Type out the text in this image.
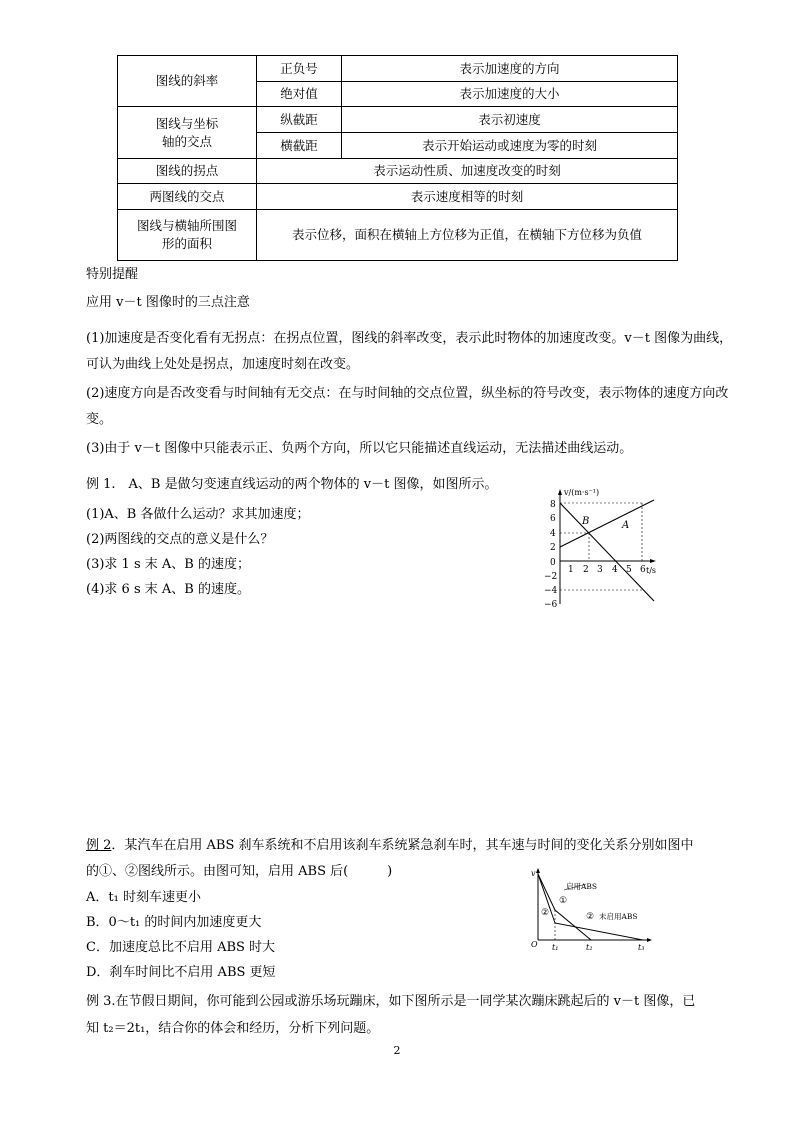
图线的斜率	正负号	表示加速度的方向
	绝对值	表示加速度的大小
图线与坐标
轴的交点	纵截距	表示初速度
	横截距	表示开始运动或速度为零的时刻
图线的拐点	表示运动性质、加速度改变的时刻	
两图线的交点	表示速度相等的时刻	
图线与横轴所围图
形的面积	表示位移，面积在横轴上方位移为正值，在横轴下方位移为负值	
特别提醒
应用 v－t 图像时的三点注意
(1)加速度是否变化看有无拐点：在拐点位置，图线的斜率改变，表示此时物体的加速度改变。v－t 图像为曲线，可认为曲线上处处是拐点，加速度时刻在改变。
(2)速度方向是否改变看与时间轴有无交点：在与时间轴的交点位置，纵坐标的符号改变，表示物体的速度方向改变。
(3)由于 v－t 图像中只能表示正、负两个方向，所以它只能描述直线运动，无法描述曲线运动。
例 1.　A、B 是做匀变速直线运动的两个物体的 v－t 图像，如图所示。
(1)A、B 各做什么运动？求其加速度；
(2)两图线的交点的意义是什么？
(3)求 1 s 末 A、B 的速度；
(4)求 6 s 末 A、B 的速度。
v/(m·s⁻¹)
t/s
8
6
4
2
0
−2
−4
−6
1 2 3 4 5 6
B	A
例 2．某汽车在启用 ABS 刹车系统和不启用该刹车系统紧急刹车时，其车速与时间的变化关系分别如图中
的①、②图线所示。由图可知，启用 ABS 后(　　　)
A．t₁ 时刻车速更小
B．0～t₁ 的时间内加速度更大
C．加速度总比不启用 ABS 时大
D．刹车时间比不启用 ABS 更短
v
O t₁	t₂	t₃
启用ABS
①
②	② 未启用ABS
例 3.在节假日期间，你可能到公园或游乐场玩蹦床，如下图所示是一同学某次蹦床跳起后的 v－t 图像，已
知 t₂＝2t₁，结合你的体会和经历，分析下列问题。
2
